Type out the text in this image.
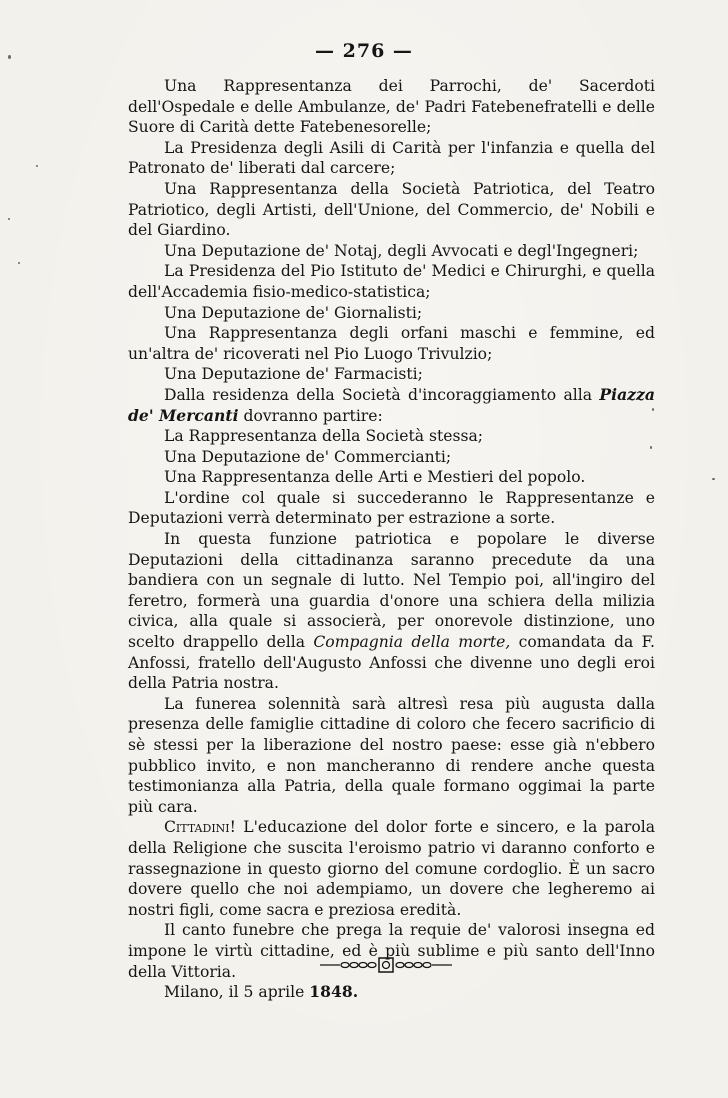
— 276 —

Una Rappresentanza dei Parrochi, de' Sacerdoti dell'Ospedale e delle Ambulanze, de' Padri Fatebenefratelli e delle Suore di Carità dette Fatebenesorelle;

La Presidenza degli Asili di Carità per l'infanzia e quella del Patronato de' liberati dal carcere;

Una Rappresentanza della Società Patriotica, del Teatro Patriotico, degli Artisti, dell'Unione, del Commercio, de' Nobili e del Giardino.

Una Deputazione de' Notaj, degli Avvocati e degl'Ingegneri;

La Presidenza del Pio Istituto de' Medici e Chirurghi, e quella dell'Accademia fisio-medico-statistica;

Una Deputazione de' Giornalisti;

Una Rappresentanza degli orfani maschi e femmine, ed un'altra de' ricoverati nel Pio Luogo Trivulzio;

Una Deputazione de' Farmacisti;

Dalla residenza della Società d'incoraggiamento alla Piazza de' Mercanti dovranno partire:

La Rappresentanza della Società stessa;

Una Deputazione de' Commercianti;

Una Rappresentanza delle Arti e Mestieri del popolo.

L'ordine col quale si succederanno le Rappresentanze e Deputazioni verrà determinato per estrazione a sorte.

In questa funzione patriotica e popolare le diverse Deputazioni della cittadinanza saranno precedute da una bandiera con un segnale di lutto. Nel Tempio poi, all'ingiro del feretro, formerà una guardia d'onore una schiera della milizia civica, alla quale si associerà, per onorevole distinzione, uno scelto drappello della Compagnia della morte, comandata da F. Anfossi, fratello dell'Augusto Anfossi che divenne uno degli eroi della Patria nostra.

La funerea solennità sarà altresì resa più augusta dalla presenza delle famiglie cittadine di coloro che fecero sacrificio di sè stessi per la liberazione del nostro paese: esse già n'ebbero pubblico invito, e non mancheranno di rendere anche questa testimonianza alla Patria, della quale formano oggimai la parte più cara.

Cittadini! L'educazione del dolor forte e sincero, e la parola della Religione che suscita l'eroismo patrio vi daranno conforto e rassegnazione in questo giorno del comune cordoglio. È un sacro dovere quello che noi adempiamo, un dovere che legheremo ai nostri figli, come sacra e preziosa eredità.

Il canto funebre che prega la requie de' valorosi insegna ed impone le virtù cittadine, ed è più sublime e più santo dell'Inno della Vittoria.

Milano, il 5 aprile 1848.
